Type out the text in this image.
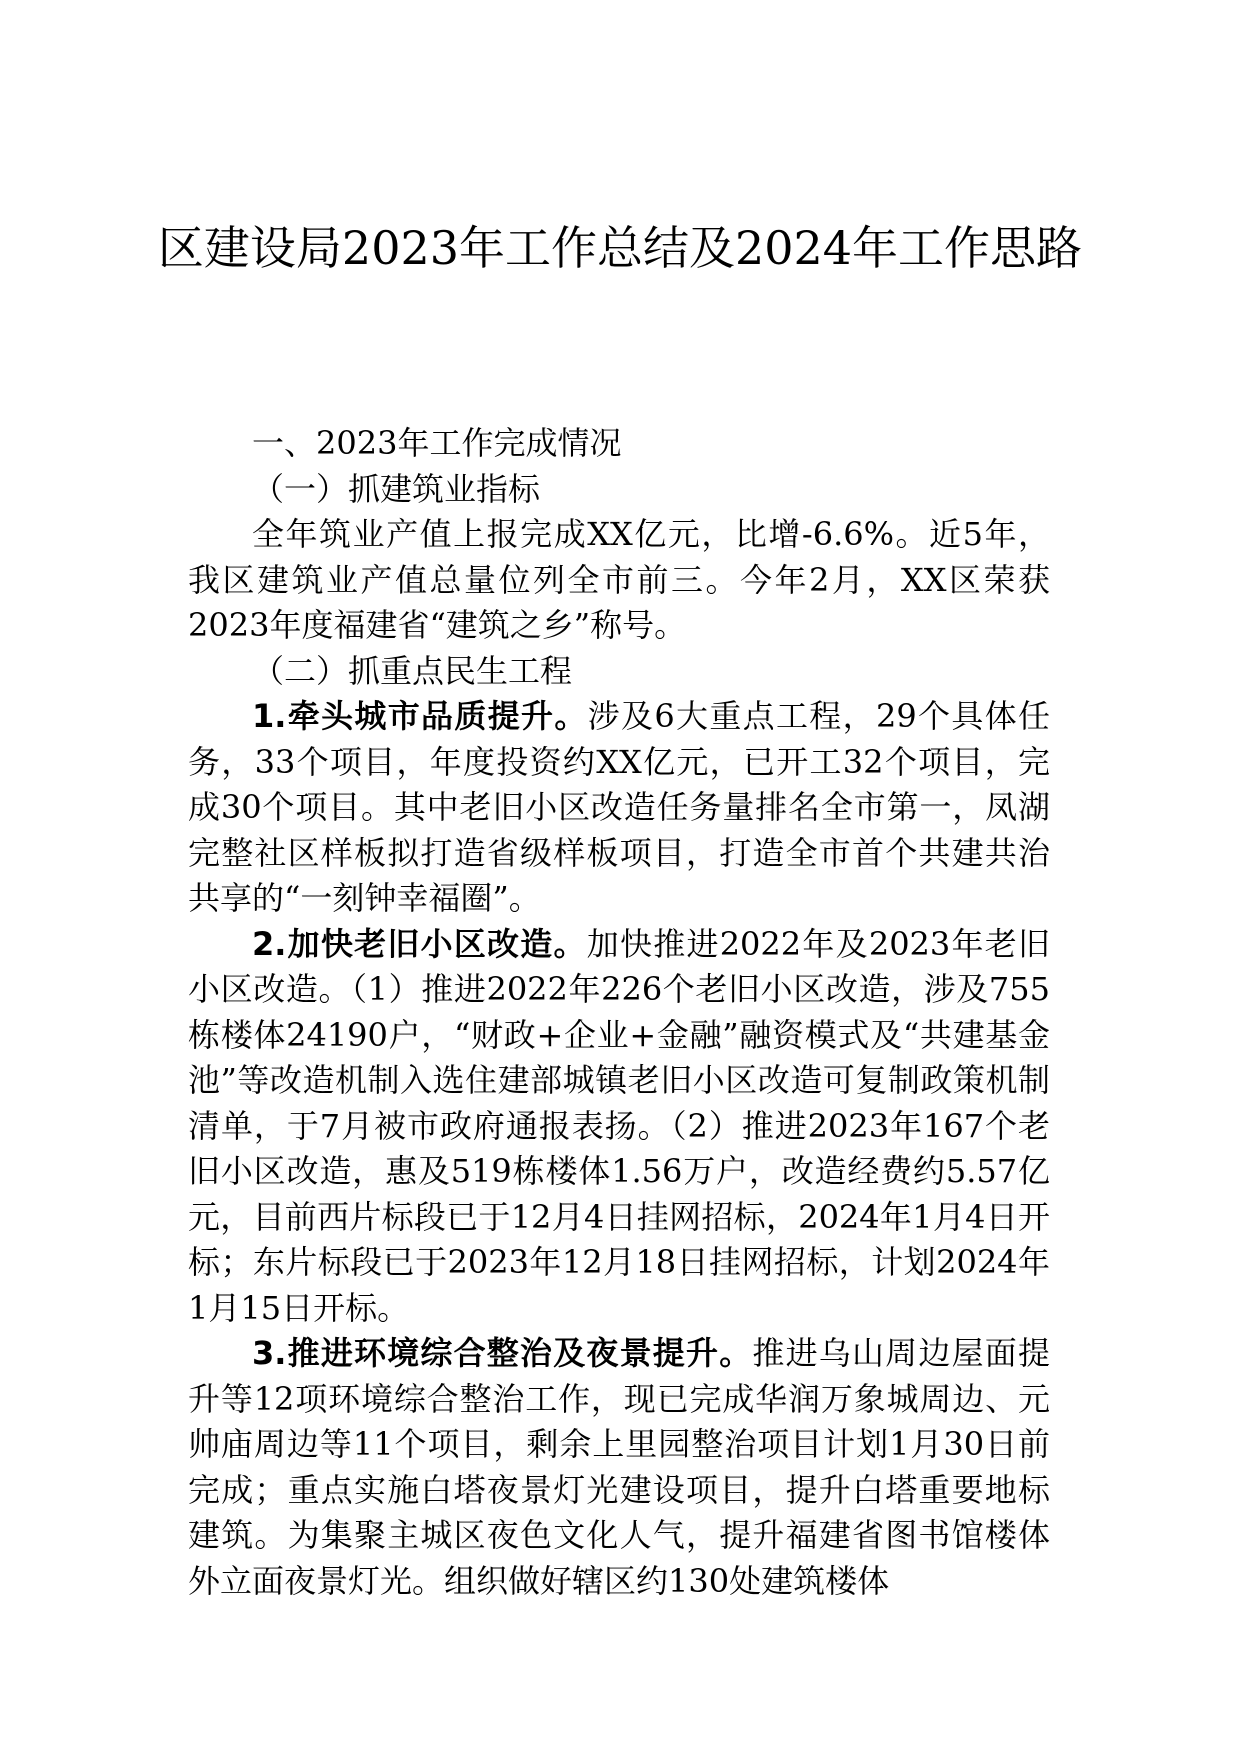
区建设局2023年工作总结及2024年工作思路

一、2023年工作完成情况

（一）抓建筑业指标

全年筑业产值上报完成XX亿元，比增-6.6%。近5年，我区建筑业产值总量位列全市前三。今年2月，XX区荣获2023年度福建省“建筑之乡”称号。

（二）抓重点民生工程

1.牵头城市品质提升。涉及6大重点工程，29个具体任务，33个项目，年度投资约XX亿元，已开工32个项目，完成30个项目。其中老旧小区改造任务量排名全市第一，凤湖完整社区样板拟打造省级样板项目，打造全市首个共建共治共享的“一刻钟幸福圈”。

2.加快老旧小区改造。加快推进2022年及2023年老旧小区改造。（1）推进2022年226个老旧小区改造，涉及755栋楼体24190户，“财政+企业+金融”融资模式及“共建基金池”等改造机制入选住建部城镇老旧小区改造可复制政策机制清单，于7月被市政府通报表扬。（2）推进2023年167个老旧小区改造，惠及519栋楼体1.56万户，改造经费约5.57亿元，目前西片标段已于12月4日挂网招标，2024年1月4日开标；东片标段已于2023年12月18日挂网招标，计划2024年1月15日开标。

3.推进环境综合整治及夜景提升。推进乌山周边屋面提升等12项环境综合整治工作，现已完成华润万象城周边、元帅庙周边等11个项目，剩余上里园整治项目计划1月30日前完成；重点实施白塔夜景灯光建设项目，提升白塔重要地标建筑。为集聚主城区夜色文化人气，提升福建省图书馆楼体外立面夜景灯光。组织做好辖区约130处建筑楼体
